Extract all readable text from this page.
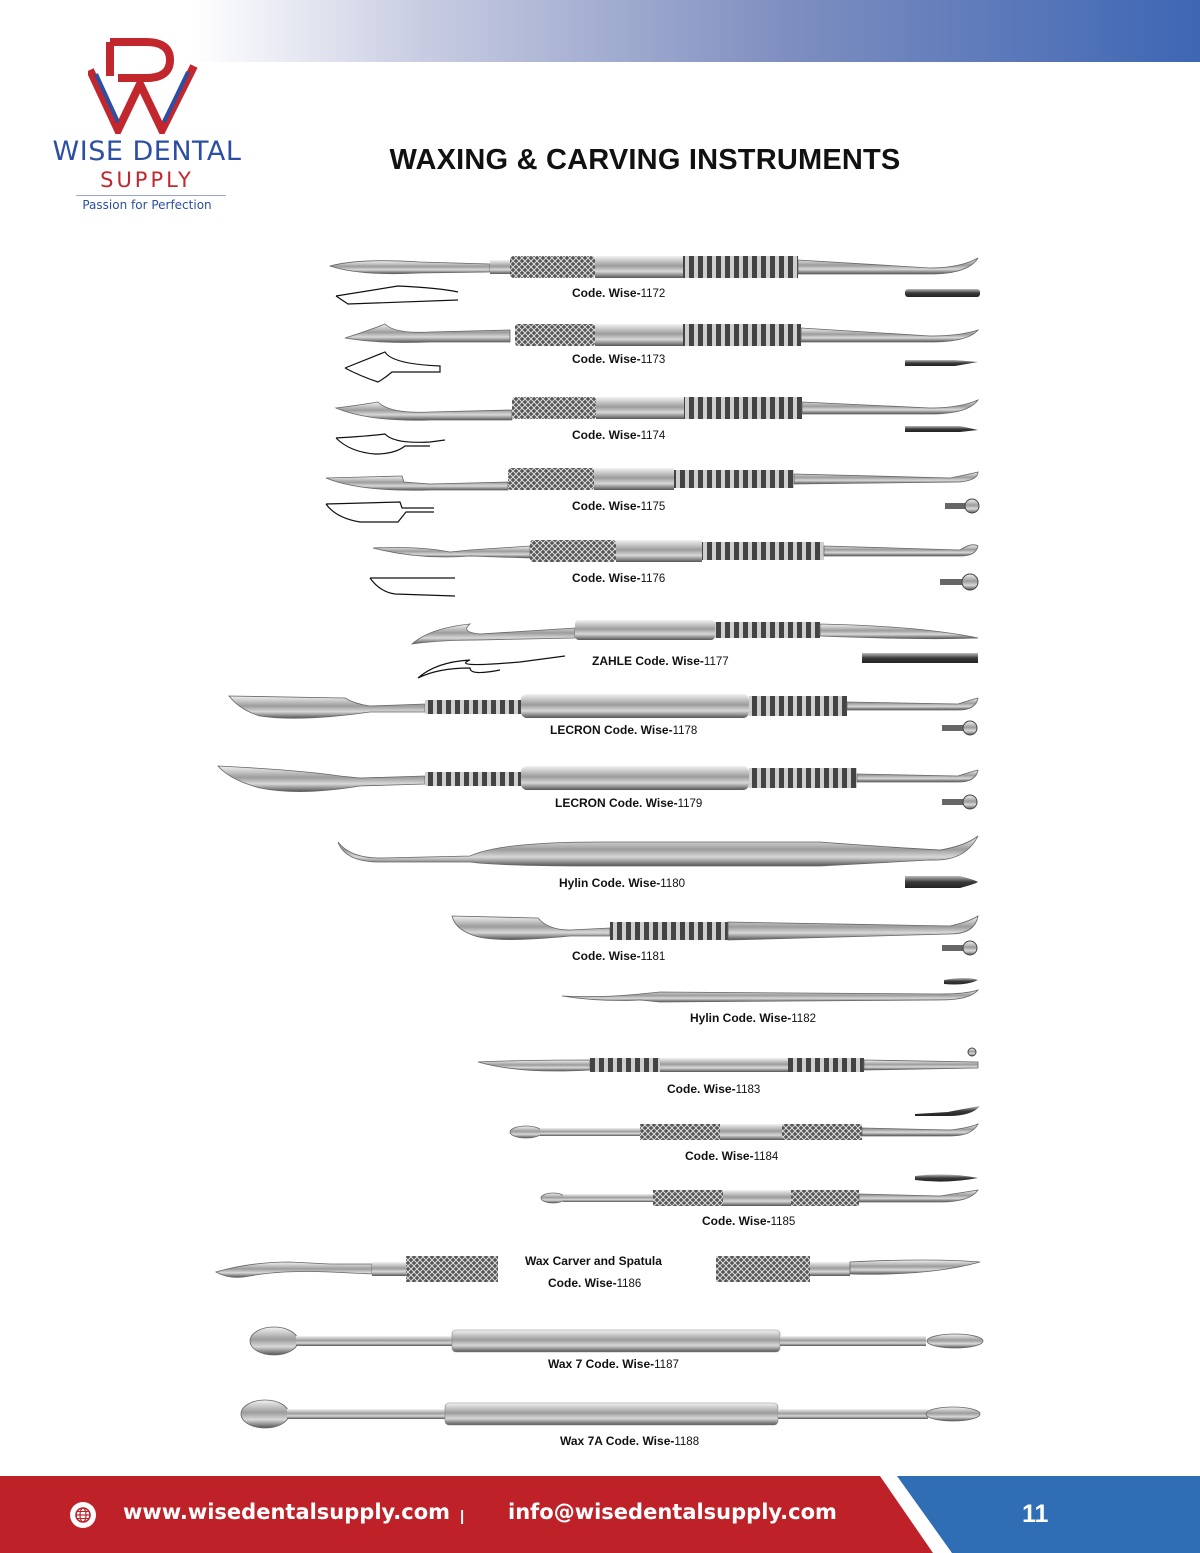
WISE DENTAL
SUPPLY
Passion for Perfection
WAXING & CARVING INSTRUMENTS
Code. Wise-1172
Code. Wise-1173
Code. Wise-1174
Code. Wise-1175
Code. Wise-1176
ZAHLE Code. Wise-1177
LECRON Code. Wise-1178
LECRON Code. Wise-1179
Hylin Code. Wise-1180
Code. Wise-1181
Hylin Code. Wise-1182
Code. Wise-1183
Code. Wise-1184
Code. Wise-1185
Wax Carver and Spatula
Code. Wise-1186
Wax 7 Code. Wise-1187
Wax 7A Code. Wise-1188
www.wisedentalsupply.com | info@wisedentalsupply.com	11
